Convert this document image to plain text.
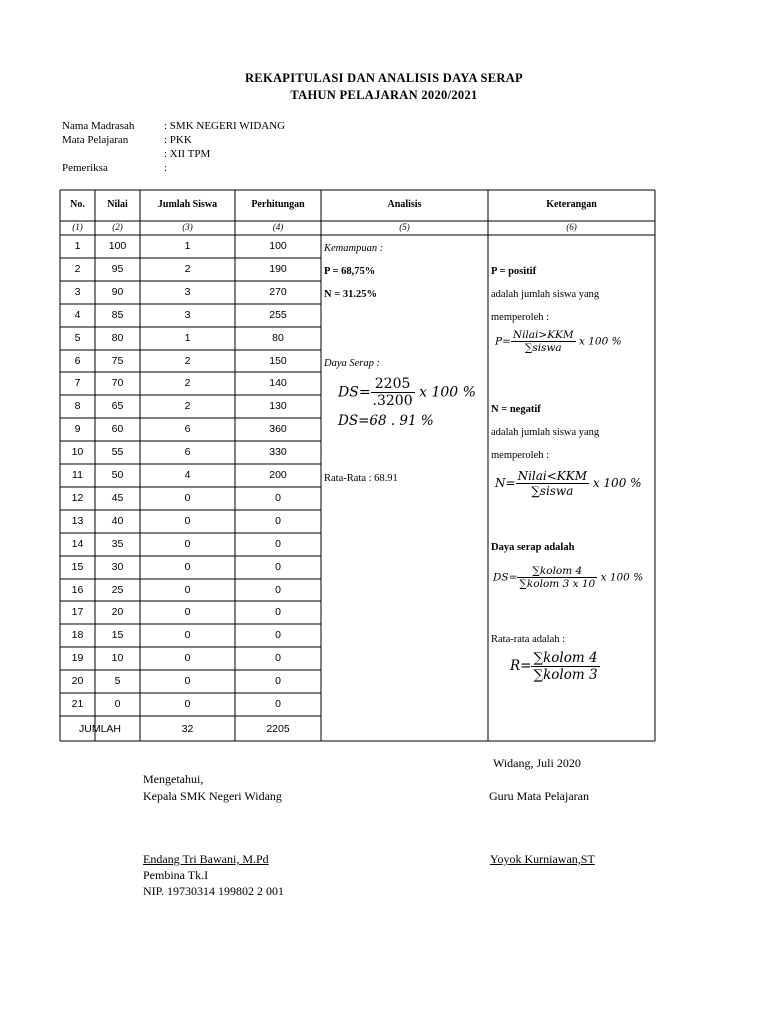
REKAPITULASI DAN ANALISIS DAYA SERAP
TAHUN PELAJARAN 2020/2021
Nama Madrasah	: SMK NEGERI WIDANG
Mata Pelajaran	: PKK
: XII TPM
Pemeriksa	:
No.	Nilai	Jumlah Siswa	Perhitungan	Analisis	Keterangan
(1)	(2)	(3)	(4)	(5)	(6)
1	100	1	100
2	95	2	190
3	90	3	270
4	85	3	255
5	80	1	80
6	75	2	150
7	70	2	140
8	65	2	130
9	60	6	360
10	55	6	330
11	50	4	200
12	45	0	0
13	40	0	0
14	35	0	0
15	30	0	0
16	25	0	0
17	20	0	0
18	15	0	0
19	10	0	0
20	5	0	0
21	0	0	0
JUMLAH	32	2205
Kemampuan :
P = 68,75%
N = 31.25%
Daya Serap :
$DS= \frac{2205}{.3200}$ x 100 %
DS=68 . 91 %
Rata-Rata : 68.91
P = positif
adalah jumlah siswa yang
memperoleh :
$P= \frac{\text{Nilai>KKM}}{\text{∑siswa}}$ x 100 %
N = negatif
adalah jumlah siswa yang
memperoleh :
$N= \frac{\text{Nilai<KKM}}{\text{∑siswa}}$ x 100 %
Daya serap adalah
$DS= \frac{\text{∑kolom 4}}{\text{∑kolom 3 x 10}}$ x 100 %
Rata-rata adalah :
$R= \frac{\text{∑kolom 4}}{\text{∑kolom 3}}$
Widang, Juli 2020
Mengetahui,
Kepala SMK Negeri Widang	Guru Mata Pelajaran
Endang Tri Bawani, M.Pd	Yoyok Kurniawan,ST
Pembina Tk.I
NIP. 19730314 199802 2 001
